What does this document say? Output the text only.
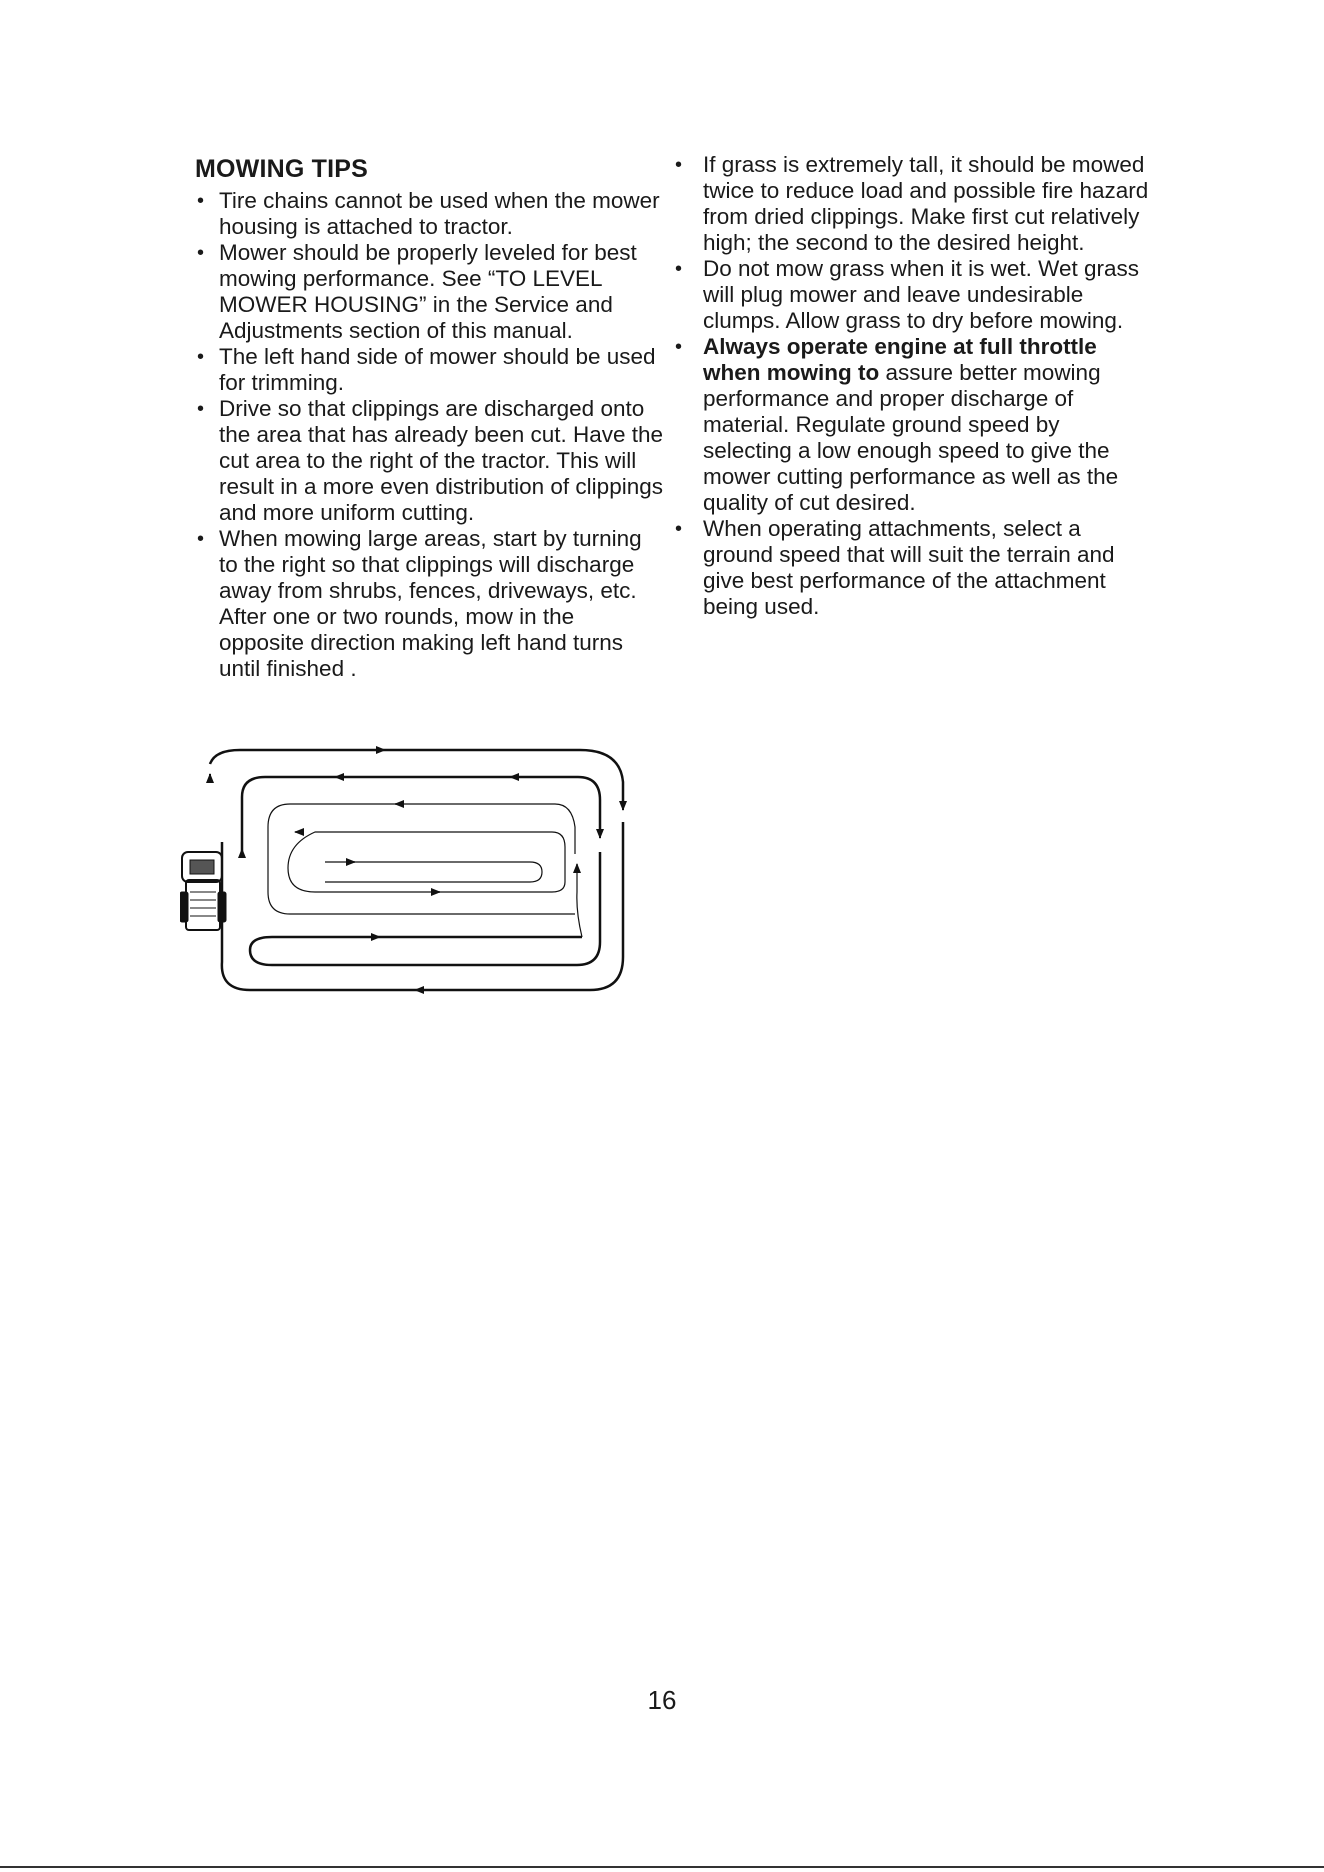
MOWING TIPS
• Tire chains cannot be used when the mower housing is attached to tractor.
• Mower should be properly leveled for best mowing performance. See “TO LEVEL MOWER HOUSING” in the Service and Adjustments section of this manual.
• The left hand side of mower should be used for trimming.
• Drive so that clippings are discharged onto the area that has already been cut. Have the cut area to the right of the tractor. This will result in a more even distribution of clippings and more uniform cutting.
• When mowing large areas, start by turning to the right so that clippings will discharge away from shrubs, fences, driveways, etc. After one or two rounds, mow in the opposite direction making left hand turns until finished .
• If grass is extremely tall, it should be mowed twice to reduce load and possible fire hazard from dried clippings. Make first cut relatively high; the second to the desired height.
• Do not mow grass when it is wet. Wet grass will plug mower and leave undesirable clumps. Allow grass to dry before mowing.
• Always operate engine at full throttle when mowing to assure better mowing performance and proper discharge of material. Regulate ground speed by selecting a low enough speed to give the mower cutting performance as well as the quality of cut desired.
• When operating attachments, select a ground speed that will suit the terrain and give best performance of the attachment being used.
16
